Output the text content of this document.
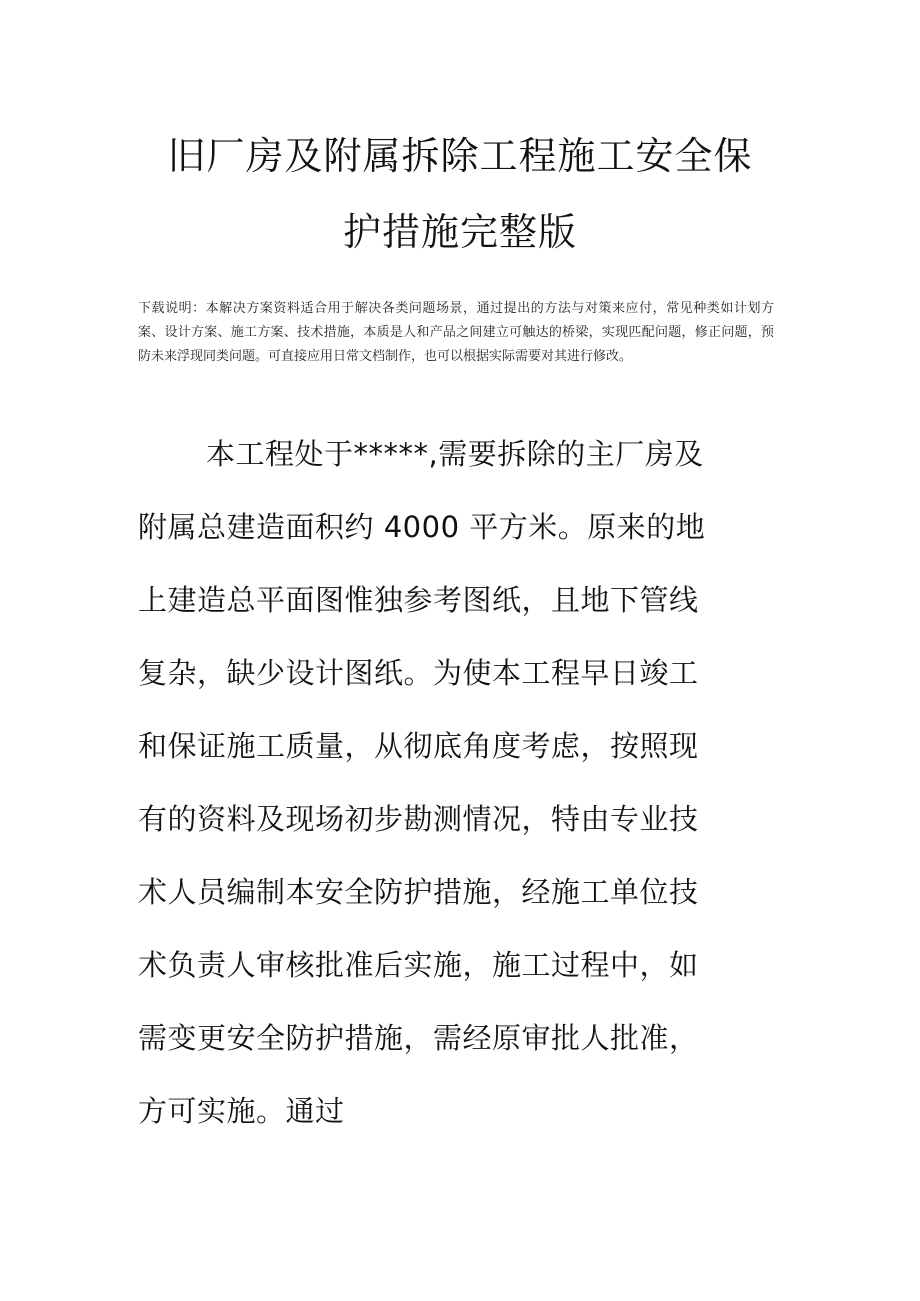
旧厂房及附属拆除工程施工安全保
护措施完整版

下载说明：本解决方案资料适合用于解决各类问题场景，通过提出的方法与对策来应付，常见种类如计划方案、设计方案、施工方案、技术措施，本质是人和产品之间建立可触达的桥梁，实现匹配问题，修正问题，预防未来浮现同类问题。可直接应用日常文档制作，也可以根据实际需要对其进行修改。

本工程处于*****,需要拆除的主厂房及
附属总建造面积约 4000 平方米。原来的地
上建造总平面图惟独参考图纸，且地下管线
复杂，缺少设计图纸。为使本工程早日竣工
和保证施工质量，从彻底角度考虑，按照现
有的资料及现场初步勘测情况，特由专业技
术人员编制本安全防护措施，经施工单位技
术负责人审核批准后实施，施工过程中，如
需变更安全防护措施，需经原审批人批准，
方可实施。通过
